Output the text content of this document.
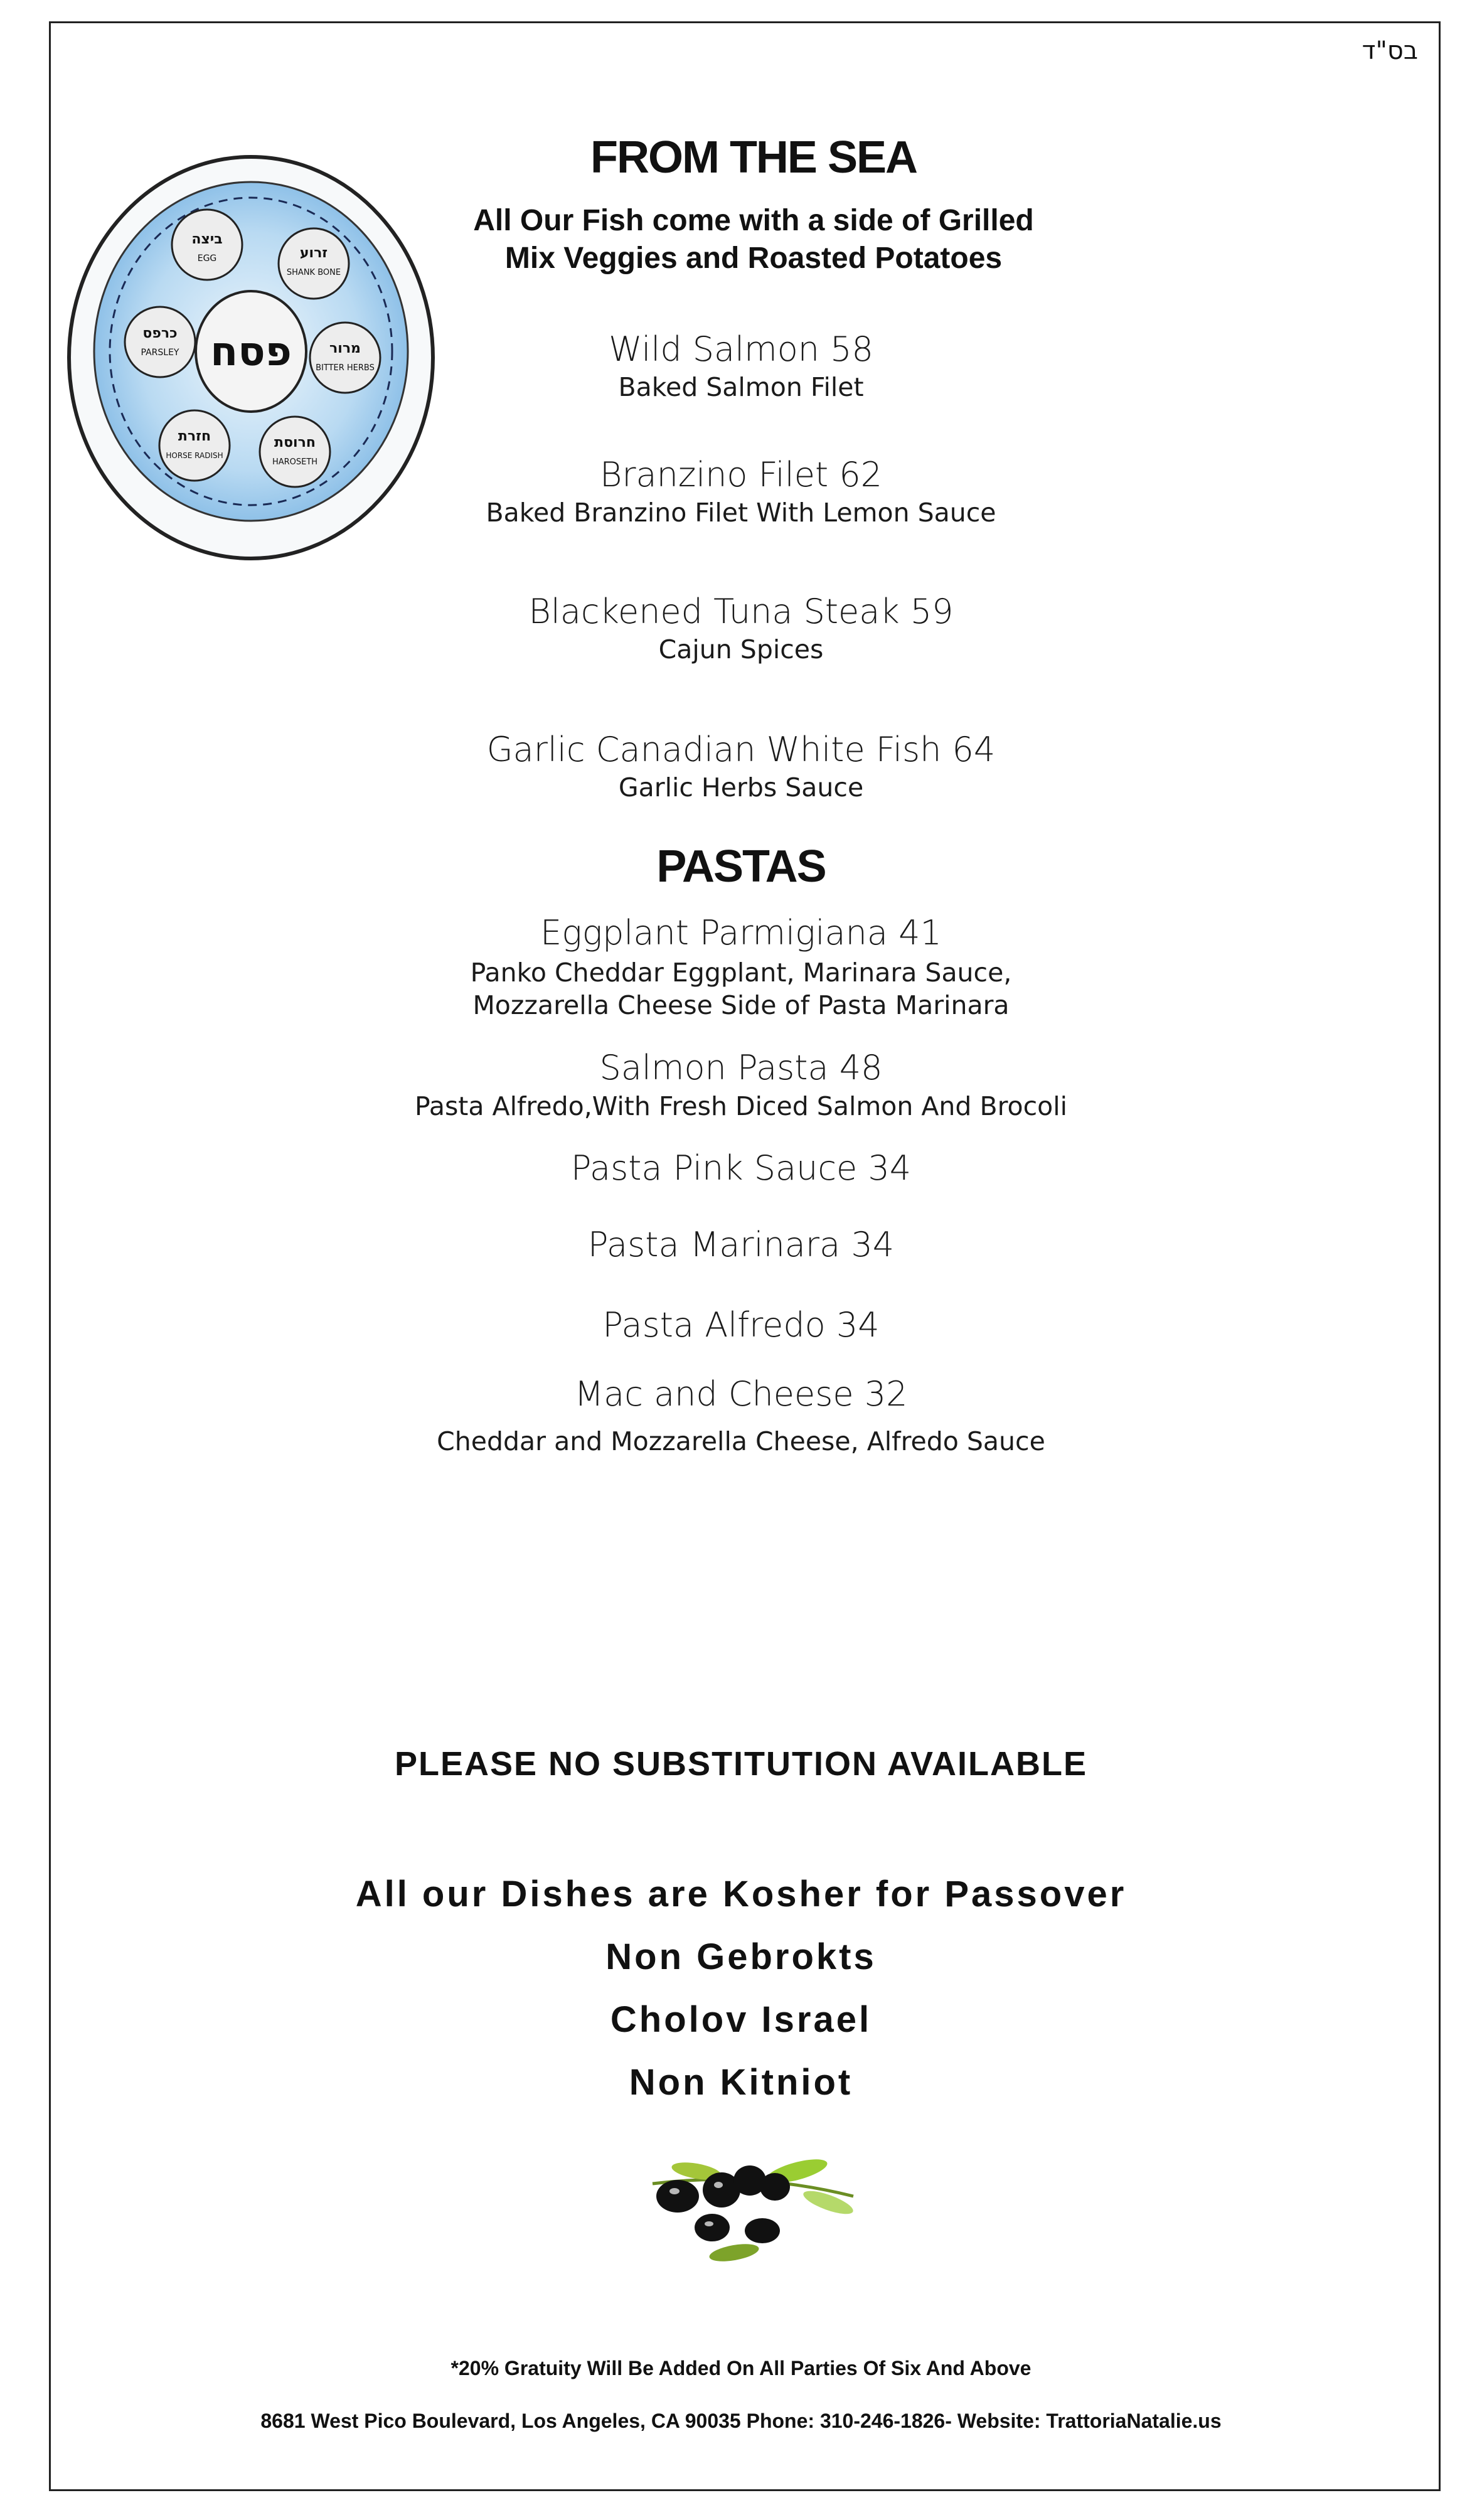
בס"ד
פסח
ביצה
EGG	זרוע
SHANK BONE
מרור
BITTER HERBS
חרוסת
HAROSETH
חזרת
HORSE RADISH
כרפס
PARSLEY
FROM THE SEA
All Our Fish come with a side of Grilled
Mix Veggies and Roasted Potatoes
Wild Salmon 58
Baked Salmon Filet
Branzino Filet 62
Baked Branzino Filet With Lemon Sauce
Blackened Tuna Steak 59
Cajun Spices
Garlic Canadian White Fish 64
Garlic Herbs Sauce
PASTAS
Eggplant Parmigiana 41
Panko Cheddar Eggplant, Marinara Sauce,
Mozzarella Cheese Side of Pasta Marinara
Salmon Pasta 48
Pasta Alfredo,With Fresh Diced Salmon And Brocoli
Pasta Pink Sauce 34
Pasta Marinara 34
Pasta Alfredo 34
Mac and Cheese 32
Cheddar and Mozzarella Cheese, Alfredo Sauce
PLEASE NO SUBSTITUTION AVAILABLE
All our Dishes are Kosher for Passover
Non Gebrokts
Cholov Israel
Non Kitniot
*20% Gratuity Will Be Added On All Parties Of Six And Above
8681 West Pico Boulevard, Los Angeles, CA 90035 Phone: 310-246-1826- Website: TrattoriaNatalie.us
